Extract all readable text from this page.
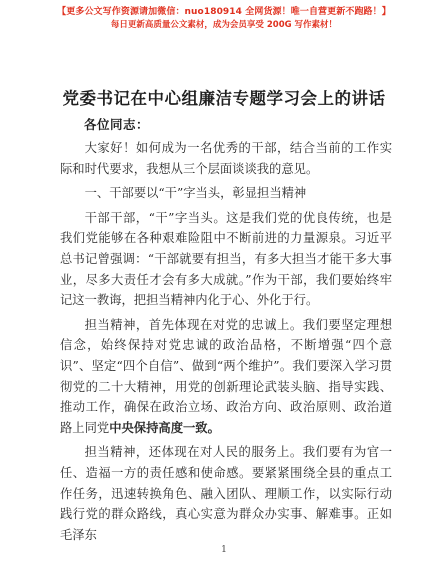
【更多公文写作资源请加微信：nuo180914 全网货源！唯一自营更新不跑路！】
每日更新高质量公文素材，成为会员享受 200G 写作素材！
党委书记在中心组廉洁专题学习会上的讲话
各位同志：

大家好！如何成为一名优秀的干部，结合当前的工作实际和时代要求，我想从三个层面谈谈我的意见。

一、干部要以“干”字当头，彰显担当精神

干部干部，“干”字当头。这是我们党的优良传统，也是我们党能够在各种艰难险阻中不断前进的力量源泉。习近平总书记曾强调：“干部就要有担当，有多大担当才能干多大事业，尽多大责任才会有多大成就。”作为干部，我们要始终牢记这一教诲，把担当精神内化于心、外化于行。

担当精神，首先体现在对党的忠诚上。我们要坚定理想信念，始终保持对党忠诚的政治品格，不断增强“四个意识”、坚定“四个自信”、做到“两个维护”。我们要深入学习贯彻党的二十大精神，用党的创新理论武装头脑、指导实践、推动工作，确保在政治立场、政治方向、政治原则、政治道路上同党中央保持高度一致。

担当精神，还体现在对人民的服务上。我们要有为官一任、造福一方的责任感和使命感。要紧紧围绕全县的重点工作任务，迅速转换角色、融入团队、理顺工作，以实际行动践行党的群众路线，真心实意为群众办实事、解难事。正如毛泽东

1
